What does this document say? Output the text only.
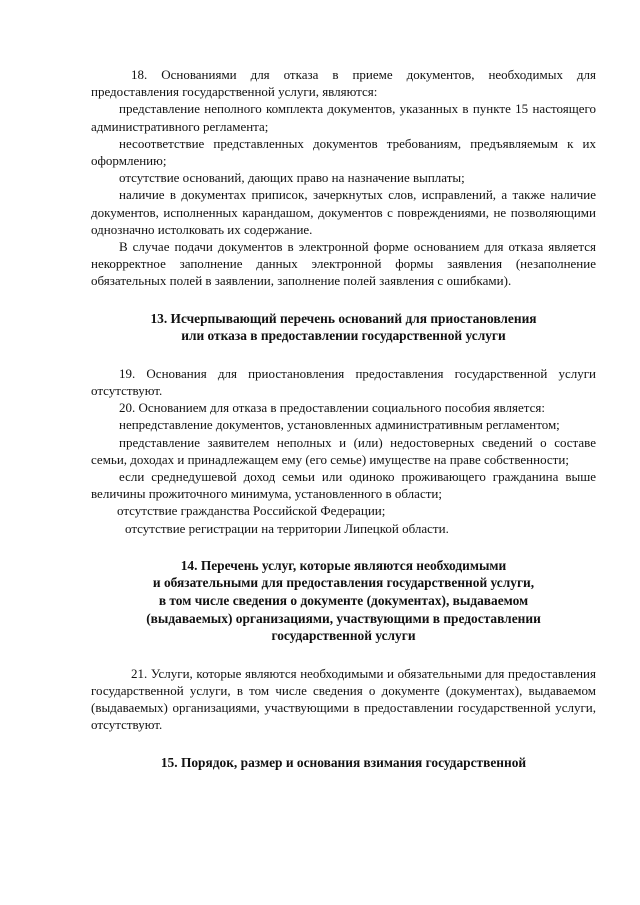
18. Основаниями для отказа в приеме документов, необходимых для предоставления государственной услуги, являются:

представление неполного комплекта документов, указанных в пункте 15 настоящего административного регламента;

несоответствие представленных документов требованиям, предъявляемым к их оформлению;

отсутствие оснований, дающих право на назначение выплаты;

наличие в документах приписок, зачеркнутых слов, исправлений, а также наличие документов, исполненных карандашом, документов с повреждениями, не позволяющими однозначно истолковать их содержание.

В случае подачи документов в электронной форме основанием для отказа является некорректное заполнение данных электронной формы заявления (незаполнение обязательных полей в заявлении, заполнение полей заявления с ошибками).

13. Исчерпывающий перечень оснований для приостановления
или отказа в предоставлении государственной услуги

19. Основания для приостановления предоставления государственной услуги отсутствуют.

20. Основанием для отказа в предоставлении социального пособия является:

непредставление документов, установленных административным регламентом;

представление заявителем неполных и (или) недостоверных сведений о составе семьи, доходах и принадлежащем ему (его семье) имуществе на праве собственности;

если среднедушевой доход семьи или одиноко проживающего гражданина выше величины прожиточного минимума, установленного в области;

отсутствие гражданства Российской Федерации;

отсутствие регистрации на территории Липецкой области.

14. Перечень услуг, которые являются необходимыми
и обязательными для предоставления государственной услуги,
в том числе сведения о документе (документах), выдаваемом
(выдаваемых) организациями, участвующими в предоставлении
государственной услуги

21. Услуги, которые являются необходимыми и обязательными для предоставления государственной услуги, в том числе сведения о документе (документах), выдаваемом (выдаваемых) организациями, участвующими в предоставлении государственной услуги, отсутствуют.

15. Порядок, размер и основания взимания государственной
